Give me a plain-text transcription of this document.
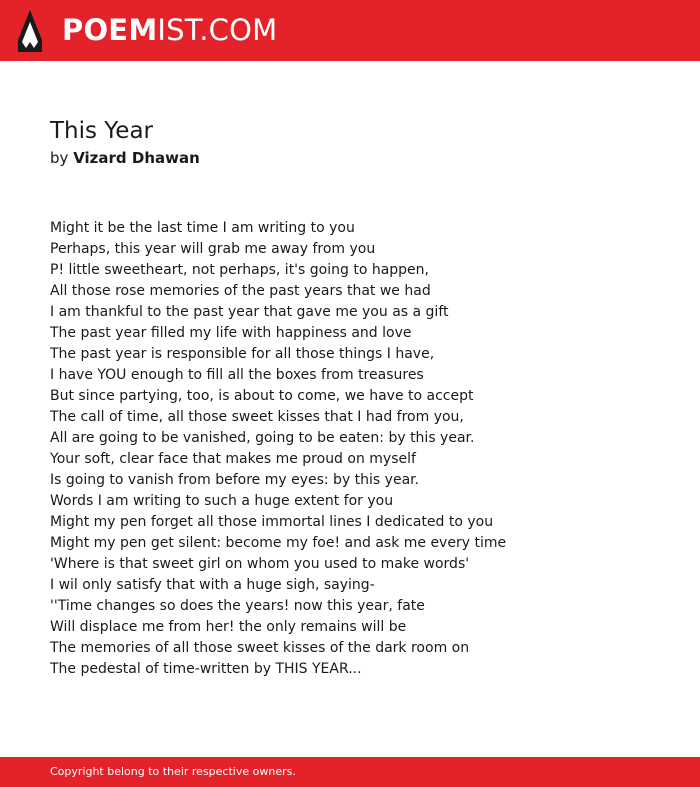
POEMIST.COM
This Year
by Vizard Dhawan
Might it be the last time I am writing to you
Perhaps, this year will grab me away from you
P! little sweetheart, not perhaps, it's going to happen,
All those rose memories of the past years that we had
I am thankful to the past year that gave me you as a gift
The past year filled my life with happiness and love
The past year is responsible for all those things I have,
I have YOU enough to fill all the boxes from treasures
But since partying, too, is about to come, we have to accept
The call of time, all those sweet kisses that I had from you,
All are going to be vanished, going to be eaten: by this year.
Your soft, clear face that makes me proud on myself
Is going to vanish from before my eyes: by this year.
Words I am writing to such a huge extent for you
Might my pen forget all those immortal lines I dedicated to you
Might my pen get silent: become my foe! and ask me every time
'Where is that sweet girl on whom you used to make words'
I wil only satisfy that with a huge sigh, saying-
''Time changes so does the years! now this year, fate
Will displace me from her! the only remains will be
The memories of all those sweet kisses of the dark room on
The pedestal of time-written by THIS YEAR...
Copyright belong to their respective owners.
